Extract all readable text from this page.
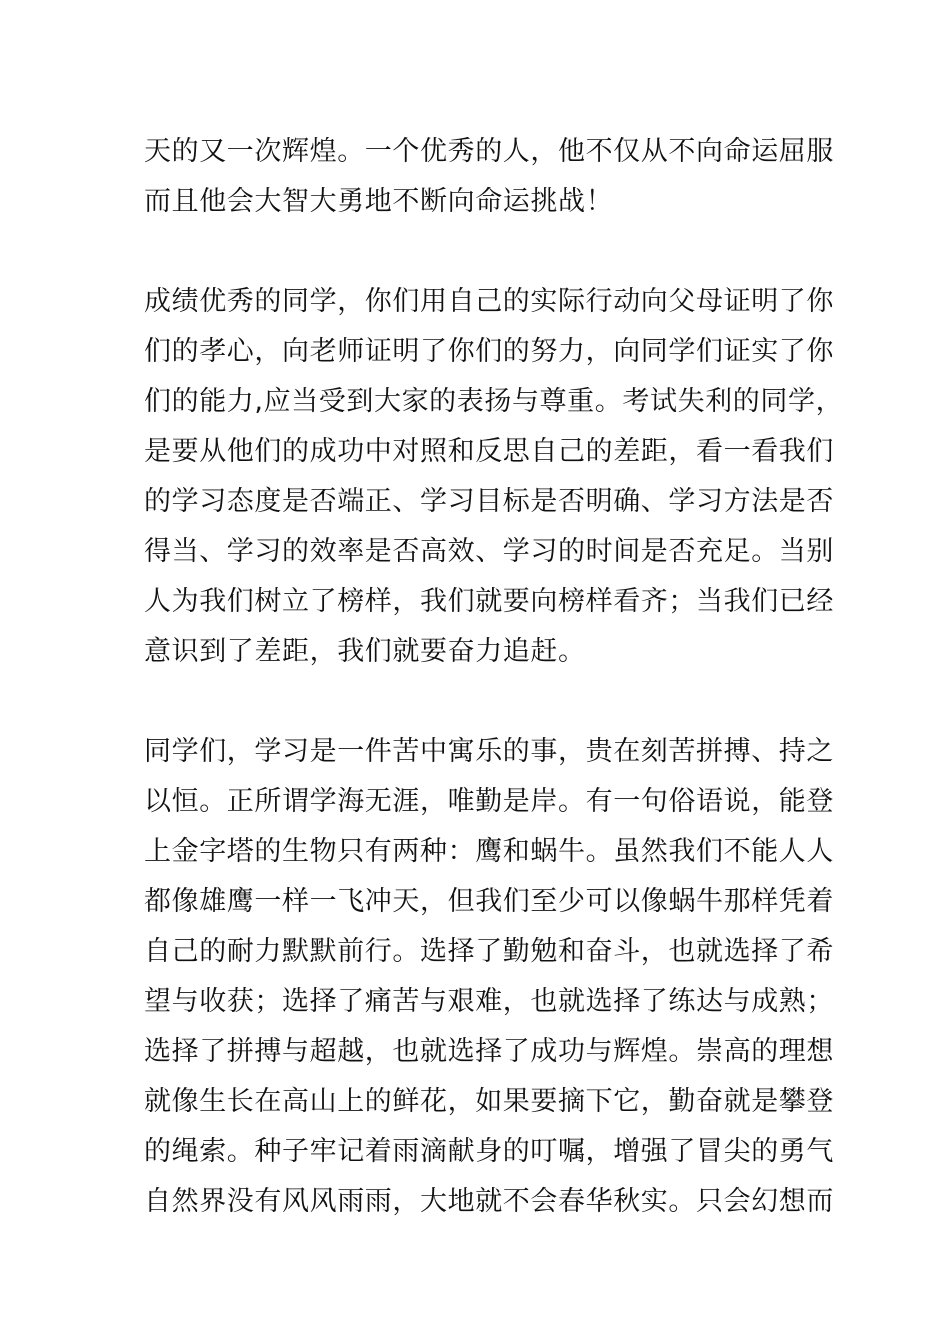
天的又一次辉煌。一个优秀的人，他不仅从不向命运屈服
而且他会大智大勇地不断向命运挑战！
成绩优秀的同学，你们用自己的实际行动向父母证明了你
们的孝心，向老师证明了你们的努力，向同学们证实了你
们的能力,应当受到大家的表扬与尊重。考试失利的同学，
是要从他们的成功中对照和反思自己的差距，看一看我们
的学习态度是否端正、学习目标是否明确、学习方法是否
得当、学习的效率是否高效、学习的时间是否充足。当别
人为我们树立了榜样，我们就要向榜样看齐；当我们已经
意识到了差距，我们就要奋力追赶。
同学们，学习是一件苦中寓乐的事，贵在刻苦拼搏、持之
以恒。正所谓学海无涯，唯勤是岸。有一句俗语说，能登
上金字塔的生物只有两种：鹰和蜗牛。虽然我们不能人人
都像雄鹰一样一飞冲天，但我们至少可以像蜗牛那样凭着
自己的耐力默默前行。选择了勤勉和奋斗，也就选择了希
望与收获；选择了痛苦与艰难，也就选择了练达与成熟；
选择了拼搏与超越，也就选择了成功与辉煌。崇高的理想
就像生长在高山上的鲜花，如果要摘下它，勤奋就是攀登
的绳索。种子牢记着雨滴献身的叮嘱，增强了冒尖的勇气
自然界没有风风雨雨，大地就不会春华秋实。只会幻想而
